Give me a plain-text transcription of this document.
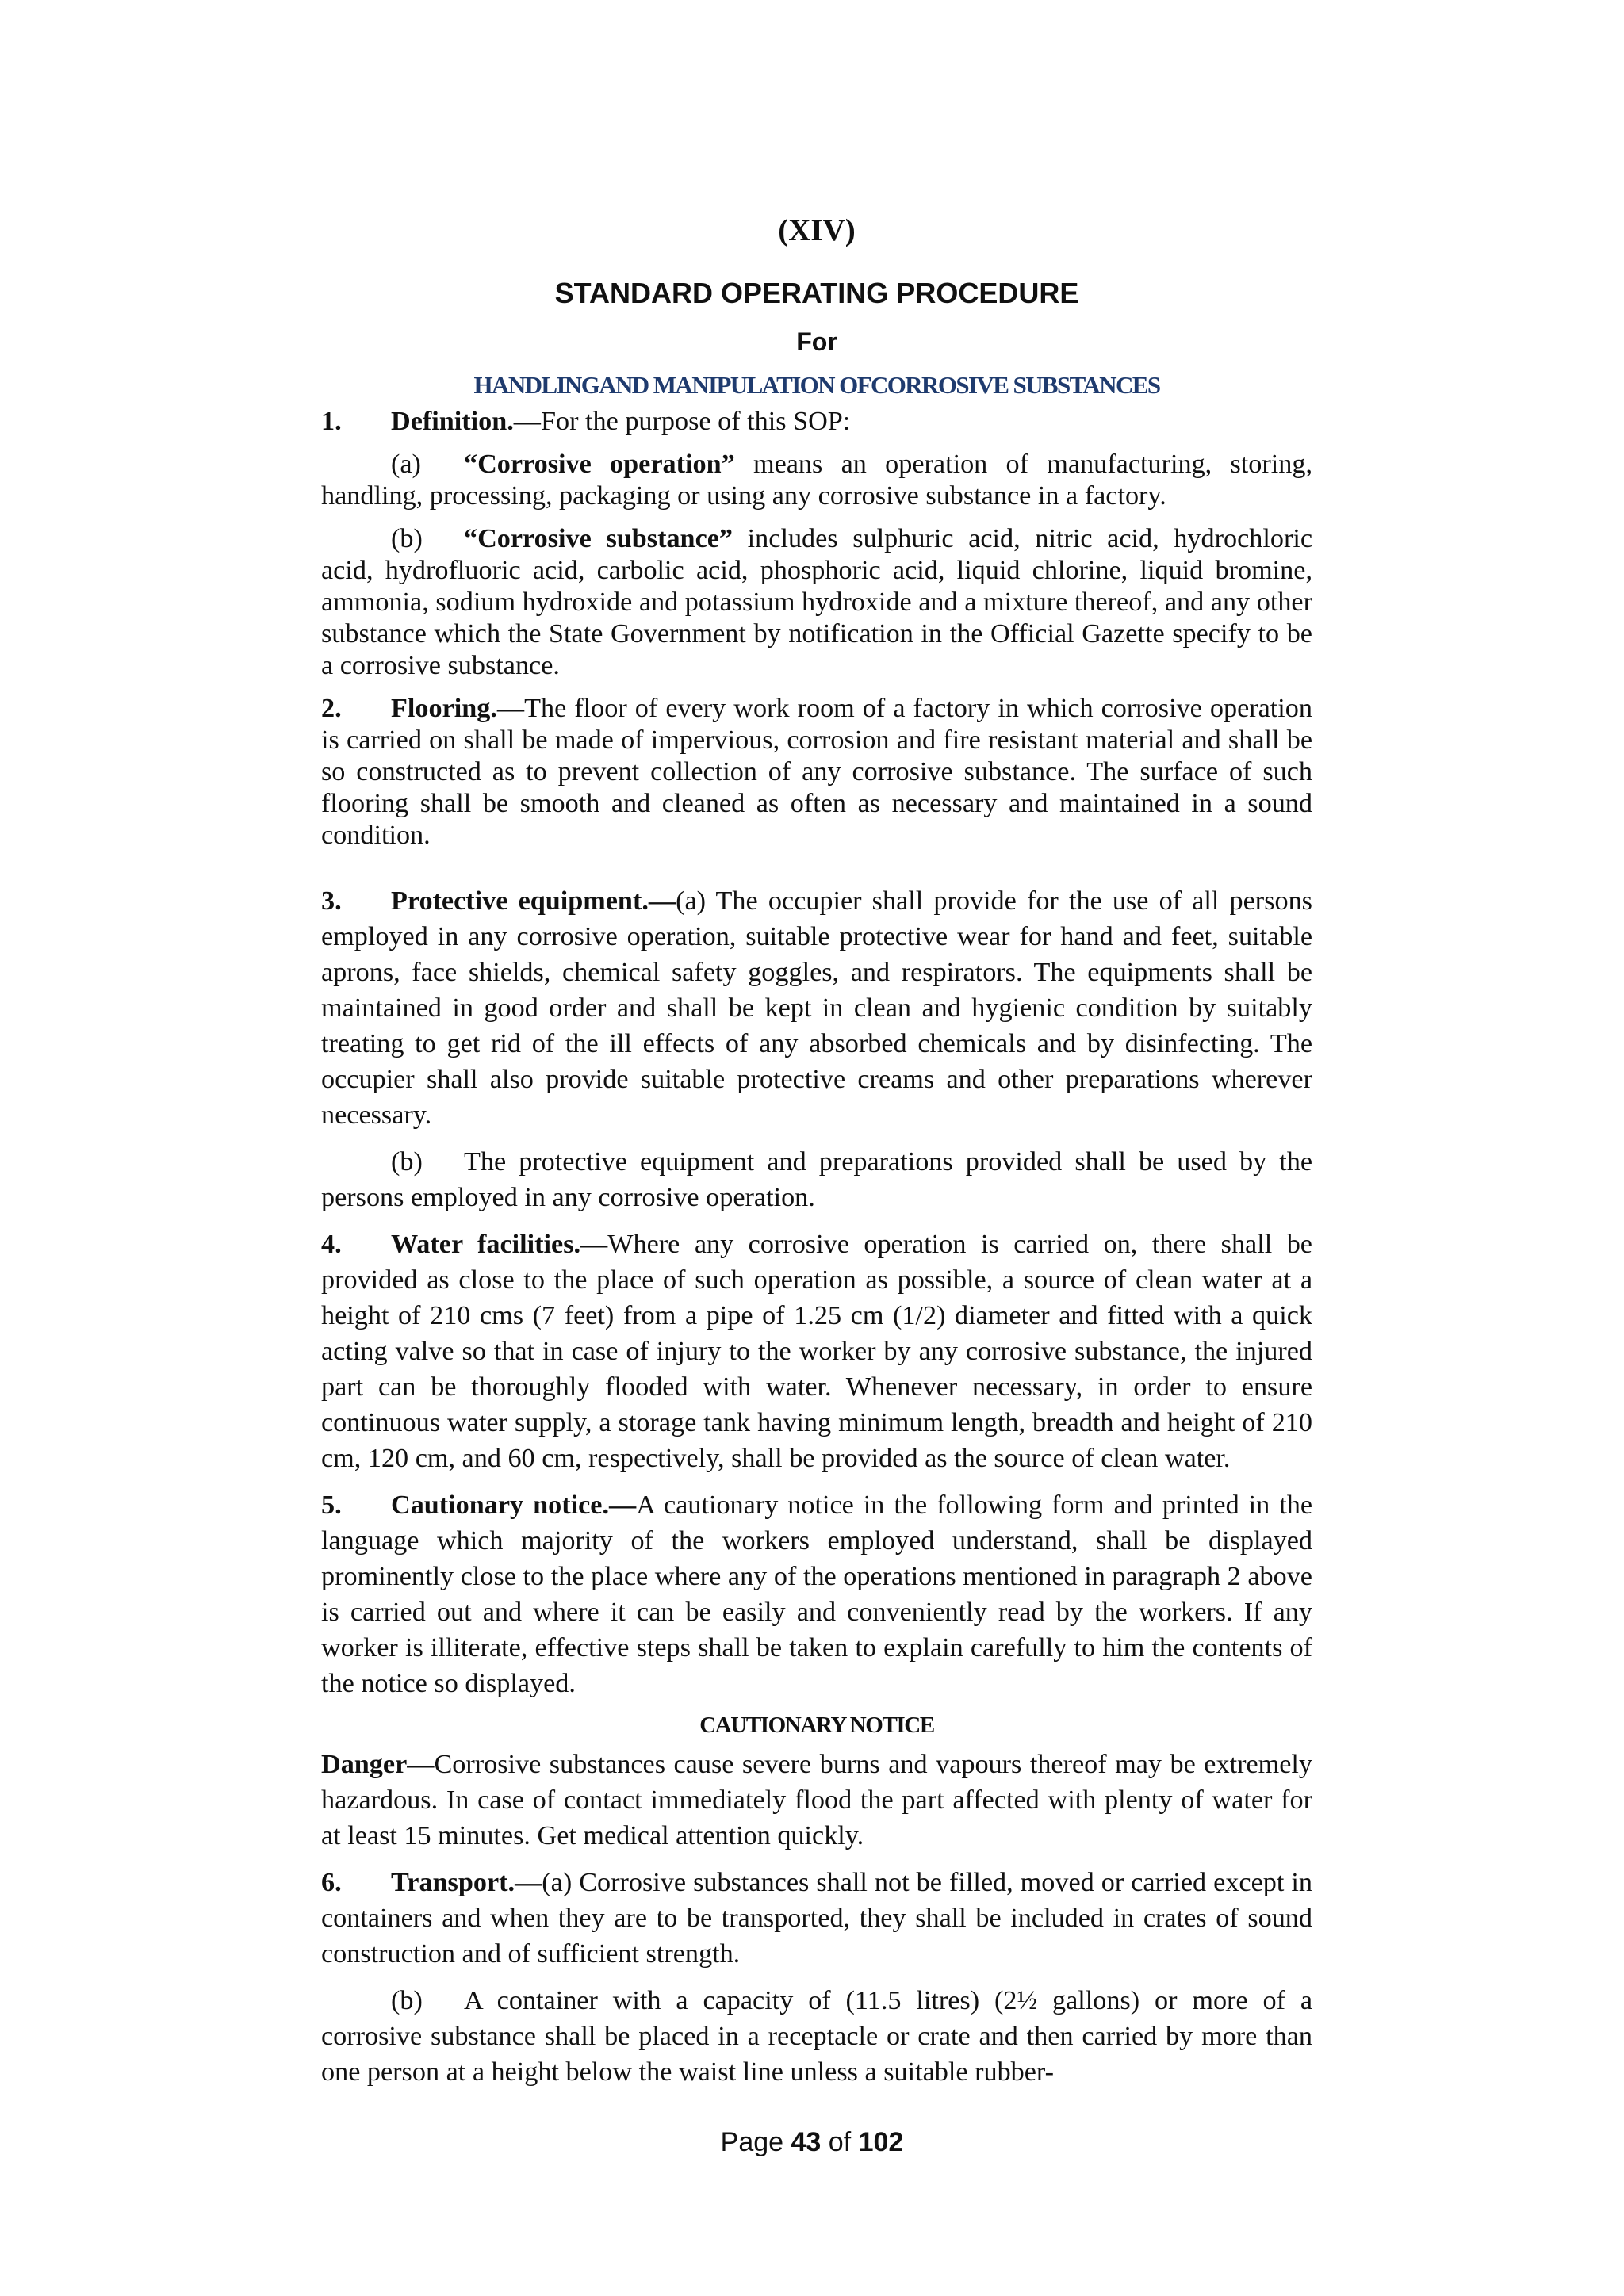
(XIV)
STANDARD OPERATING PROCEDURE
For
HANDLINGAND MANIPULATION OFCORROSIVE SUBSTANCES

1. Definition.—For the purpose of this SOP:

(a) “Corrosive operation” means an operation of manufacturing, storing, handling, processing, packaging or using any corrosive substance in a factory.

(b) “Corrosive substance” includes sulphuric acid, nitric acid, hydrochloric acid, hydrofluoric acid, carbolic acid, phosphoric acid, liquid chlorine, liquid bromine, ammonia, sodium hydroxide and potassium hydroxide and a mixture thereof, and any other substance which the State Government by notification in the Official Gazette specify to be a corrosive substance.

2. Flooring.—The floor of every work room of a factory in which corrosive operation is carried on shall be made of impervious, corrosion and fire resistant material and shall be so constructed as to prevent collection of any corrosive substance. The surface of such flooring shall be smooth and cleaned as often as necessary and maintained in a sound condition.

3. Protective equipment.—(a) The occupier shall provide for the use of all persons employed in any corrosive operation, suitable protective wear for hand and feet, suitable aprons, face shields, chemical safety goggles, and respirators. The equipments shall be maintained in good order and shall be kept in clean and hygienic condition by suitably treating to get rid of the ill effects of any absorbed chemicals and by disinfecting. The occupier shall also provide suitable protective creams and other preparations wherever necessary.

(b) The protective equipment and preparations provided shall be used by the persons employed in any corrosive operation.

4. Water facilities.—Where any corrosive operation is carried on, there shall be provided as close to the place of such operation as possible, a source of clean water at a height of 210 cms (7 feet) from a pipe of 1.25 cm (1/2) diameter and fitted with a quick acting valve so that in case of injury to the worker by any corrosive substance, the injured part can be thoroughly flooded with water. Whenever necessary, in order to ensure continuous water supply, a storage tank having minimum length, breadth and height of 210 cm, 120 cm, and 60 cm, respectively, shall be provided as the source of clean water.

5. Cautionary notice.—A cautionary notice in the following form and printed in the language which majority of the workers employed understand, shall be displayed prominently close to the place where any of the operations mentioned in paragraph 2 above is carried out and where it can be easily and conveniently read by the workers. If any worker is illiterate, effective steps shall be taken to explain carefully to him the contents of the notice so displayed.

CAUTIONARY NOTICE

Danger—Corrosive substances cause severe burns and vapours thereof may be extremely hazardous. In case of contact immediately flood the part affected with plenty of water for at least 15 minutes. Get medical attention quickly.

6. Transport.—(a) Corrosive substances shall not be filled, moved or carried except in containers and when they are to be transported, they shall be included in crates of sound construction and of sufficient strength.

(b) A container with a capacity of (11.5 litres) (2½ gallons) or more of a corrosive substance shall be placed in a receptacle or crate and then carried by more than one person at a height below the waist line unless a suitable rubber-

Page 43 of 102
